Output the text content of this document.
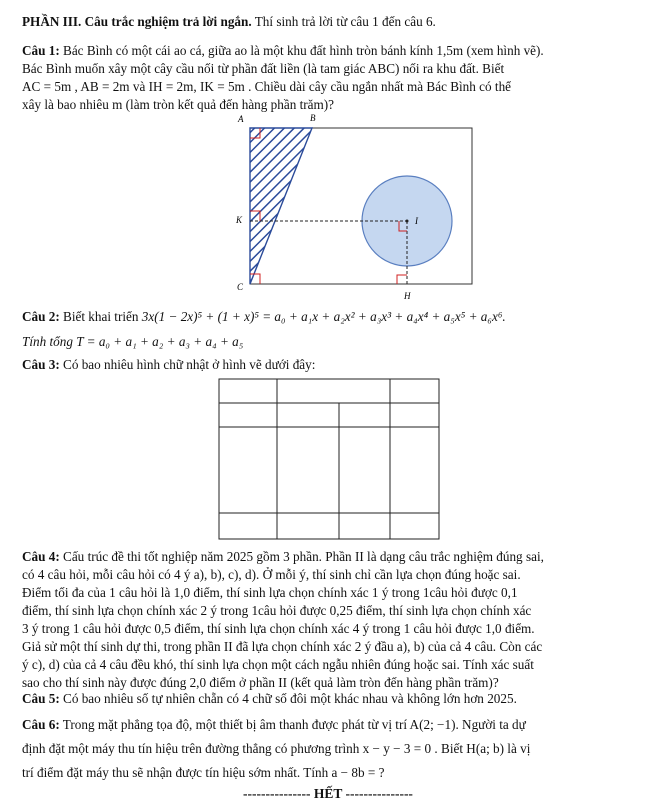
PHẦN III. Câu trắc nghiệm trả lời ngắn. Thí sinh trả lời từ câu 1 đến câu 6.
Câu 1: Bác Bình có một cái ao cá, giữa ao là một khu đất hình tròn bánh kính 1,5m (xem hình vẽ).
Bác Bình muốn xây một cây cầu nối từ phần đất liền (là tam giác ABC) nối ra khu đất. Biết
AC = 5m , AB = 2m và IH = 2m, IK = 5m . Chiều dài cây cầu ngắn nhất mà Bác Bình có thể
xây là bao nhiêu m (làm tròn kết quả đến hàng phần trăm)?
A	B
K	I
C
H
Câu 2: Biết khai triển 3x(1 − 2x)⁵ + (1 + x)⁵ = a₀ + a₁x + a₂x² + a₃x³ + a₄x⁴ + a₅x⁵ + a₆x⁶.
Tính tổng T = a₀ + a₁ + a₂ + a₃ + a₄ + a₅
Câu 3: Có bao nhiêu hình chữ nhật ở hình vẽ dưới đây:
Câu 4: Cấu trúc đề thi tốt nghiệp năm 2025 gồm 3 phần. Phần II là dạng câu trắc nghiệm đúng sai,
có 4 câu hỏi, mỗi câu hỏi có 4 ý a), b), c), d). Ở mỗi ý, thí sinh chỉ cần lựa chọn đúng hoặc sai.
Điểm tối đa của 1 câu hỏi là 1,0 điểm, thí sinh lựa chọn chính xác 1 ý trong 1câu hỏi được 0,1
điểm, thí sinh lựa chọn chính xác 2 ý trong 1câu hỏi được 0,25 điểm, thí sinh lựa chọn chính xác
3 ý trong 1 câu hỏi được 0,5 điểm, thí sinh lựa chọn chính xác 4 ý trong 1 câu hỏi được 1,0 điểm.
Giả sử một thí sinh dự thi, trong phần II đã lựa chọn chính xác 2 ý đầu a), b) của cả 4 câu. Còn các
ý c), d) của cả 4 câu đều khó, thí sinh lựa chọn một cách ngẫu nhiên đúng hoặc sai. Tính xác suất
sao cho thí sinh này được đúng 2,0 điểm ở phần II (kết quả làm tròn đến hàng phần trăm)?
Câu 5: Có bao nhiêu số tự nhiên chẵn có 4 chữ số đôi một khác nhau và không lớn hơn 2025.
Câu 6: Trong mặt phẳng tọa độ, một thiết bị âm thanh được phát từ vị trí A(2; −1). Người ta dự
định đặt một máy thu tín hiệu trên đường thẳng có phương trình x − y − 3 = 0 . Biết H(a; b) là vị
trí điểm đặt máy thu sẽ nhận được tín hiệu sớm nhất. Tính a − 8b = ?
--------------- HẾT ---------------
